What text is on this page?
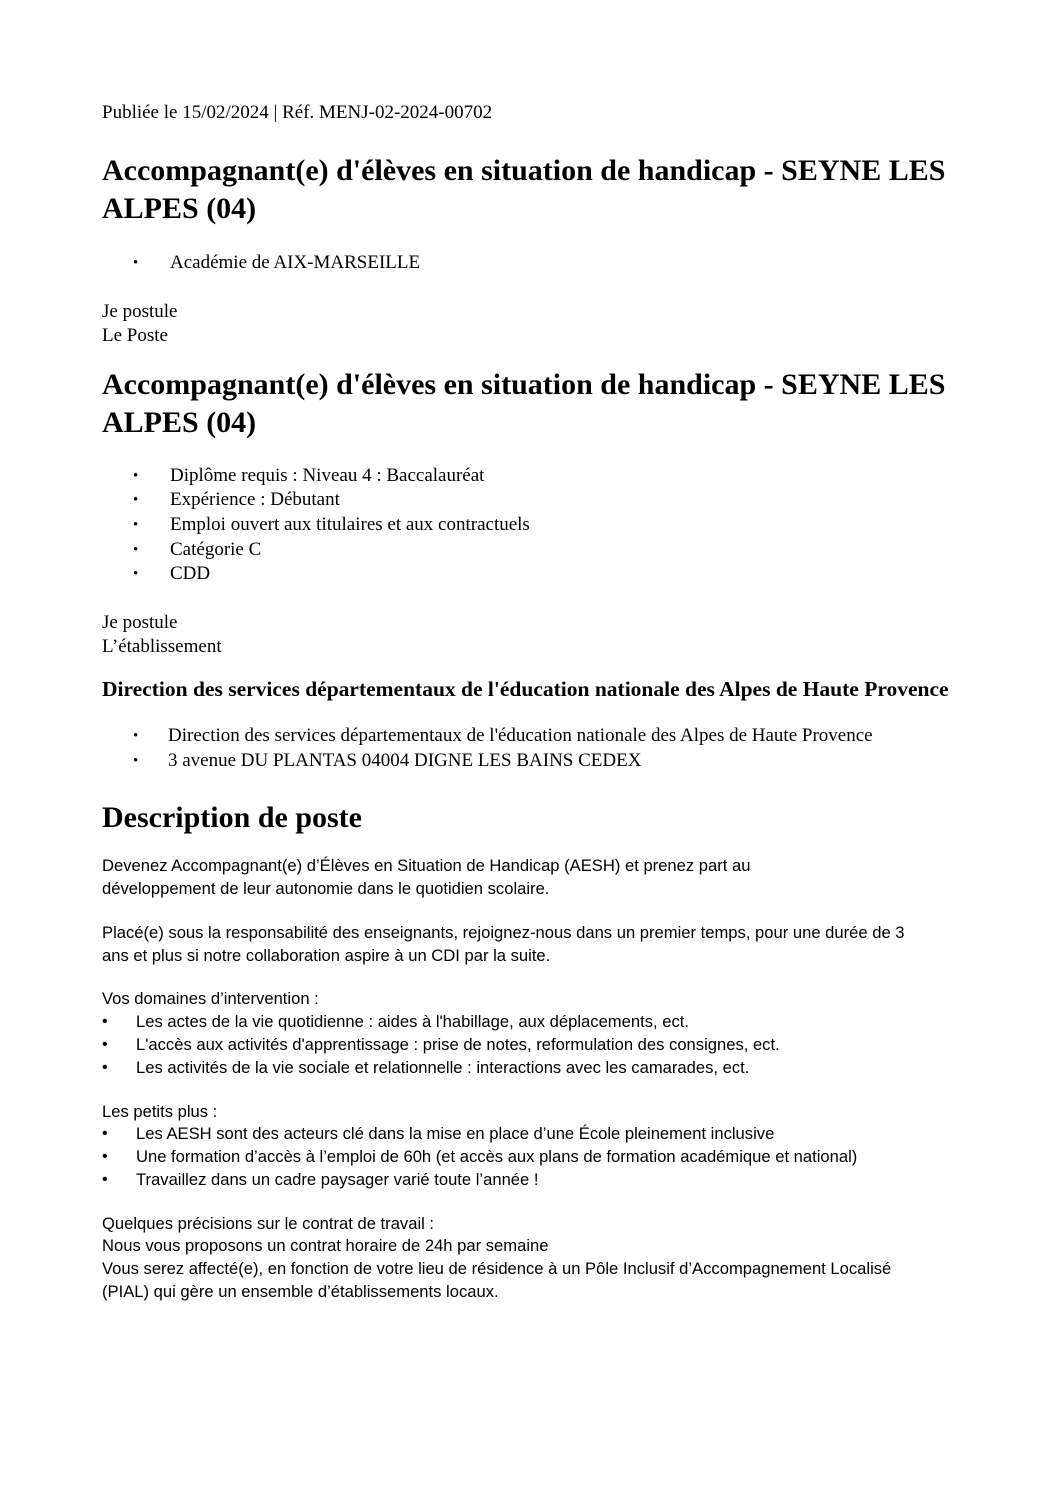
Publiée le 15/02/2024 | Réf. MENJ-02-2024-00702

Accompagnant(e) d'élèves en situation de handicap - SEYNE LES ALPES (04)
• Académie de AIX-MARSEILLE

Je postule

Le Poste

Accompagnant(e) d'élèves en situation de handicap - SEYNE LES ALPES (04)
• Diplôme requis : Niveau 4 : Baccalauréat
• Expérience : Débutant
• Emploi ouvert aux titulaires et aux contractuels
• Catégorie C
• CDD

Je postule

L’établissement

Direction des services départementaux de l'éducation nationale des Alpes de Haute Provence
• Direction des services départementaux de l'éducation nationale des Alpes de Haute Provence
• 3 avenue DU PLANTAS 04004 DIGNE LES BAINS CEDEX
Description de poste

Devenez Accompagnant(e) d’Élèves en Situation de Handicap (AESH) et prenez part au développement de leur autonomie dans le quotidien scolaire.

Placé(e) sous la responsabilité des enseignants, rejoignez-nous dans un premier temps, pour une durée de 3 ans et plus si notre collaboration aspire à un CDI par la suite.

Vos domaines d’intervention :

• Les actes de la vie quotidienne : aides à l'habillage, aux déplacements, ect.
• L'accès aux activités d'apprentissage : prise de notes, reformulation des consignes, ect.
• Les activités de la vie sociale et relationnelle : interactions avec les camarades, ect.

Les petits plus :

• Les AESH sont des acteurs clé dans la mise en place d’une École pleinement inclusive
• Une formation d’accès à l’emploi de 60h (et accès aux plans de formation académique et national)
• Travaillez dans un cadre paysager varié toute l’année !

Quelques précisions sur le contrat de travail :

Nous vous proposons un contrat horaire de 24h par semaine

Vous serez affecté(e), en fonction de votre lieu de résidence à un Pôle Inclusif d’Accompagnement Localisé (PIAL) qui gère un ensemble d’établissements locaux.
